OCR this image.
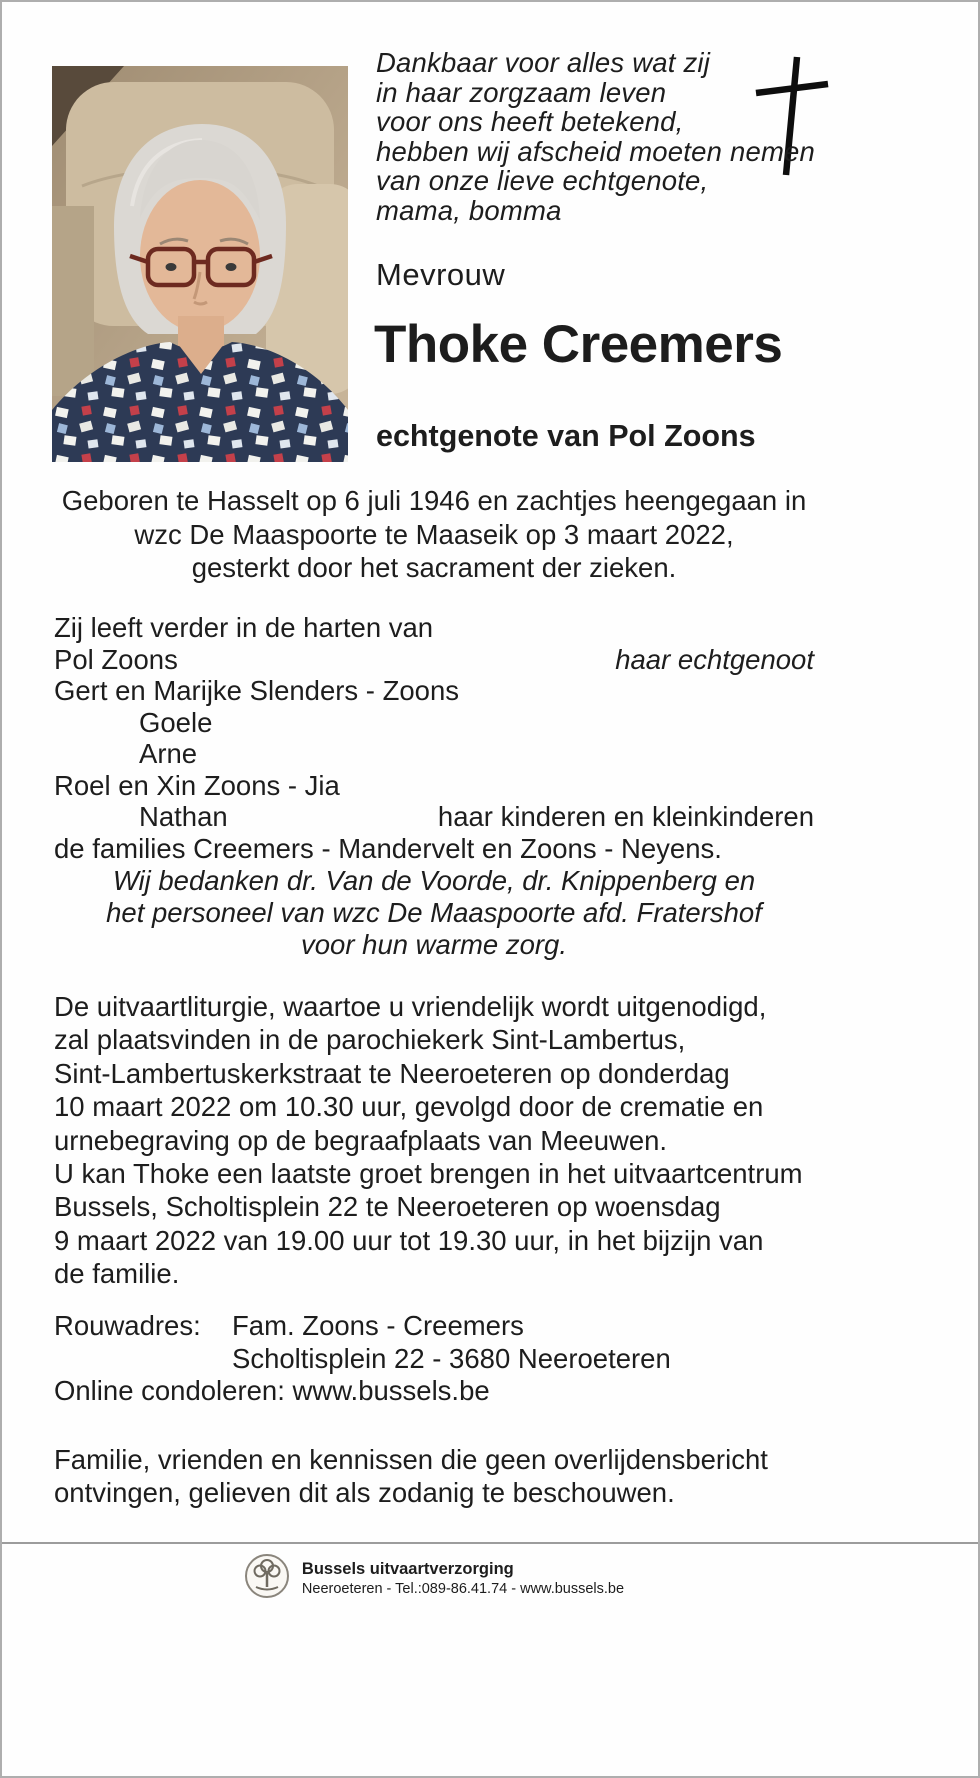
Dankbaar voor alles wat zij
in haar zorgzaam leven
voor ons heeft betekend,
hebben wij afscheid moeten nemen
van onze lieve echtgenote,
mama, bomma
Mevrouw
Thoke Creemers
echtgenote van Pol Zoons
Geboren te Hasselt op 6 juli 1946 en zachtjes heengegaan in
wzc De Maaspoorte te Maaseik op 3 maart 2022,
gesterkt door het sacrament der zieken.
Zij leeft verder in de harten van
Pol Zoons	haar echtgenoot
Gert en Marijke Slenders - Zoons
Goele
Arne
Roel en Xin Zoons - Jia
Nathan	haar kinderen en kleinkinderen
de families Creemers - Mandervelt en Zoons - Neyens.
Wij bedanken dr. Van de Voorde, dr. Knippenberg en
het personeel van wzc De Maaspoorte afd. Fratershof
voor hun warme zorg.
De uitvaartliturgie, waartoe u vriendelijk wordt uitgenodigd,
zal plaatsvinden in de parochiekerk Sint-Lambertus,
Sint-Lambertuskerkstraat te Neeroeteren op donderdag
10 maart 2022 om 10.30 uur, gevolgd door de crematie en
urnebegraving op de begraafplaats van Meeuwen.
U kan Thoke een laatste groet brengen in het uitvaartcentrum
Bussels, Scholtisplein 22 te Neeroeteren op woensdag
9 maart 2022 van 19.00 uur tot 19.30 uur, in het bijzijn van
de familie.
Rouwadres:	Fam. Zoons - Creemers
Scholtisplein 22 - 3680 Neeroeteren
Online condoleren: www.bussels.be
Familie, vrienden en kennissen die geen overlijdensbericht
ontvingen, gelieven dit als zodanig te beschouwen.
Bussels uitvaartverzorging
Neeroeteren - Tel.:089-86.41.74 - www.bussels.be
